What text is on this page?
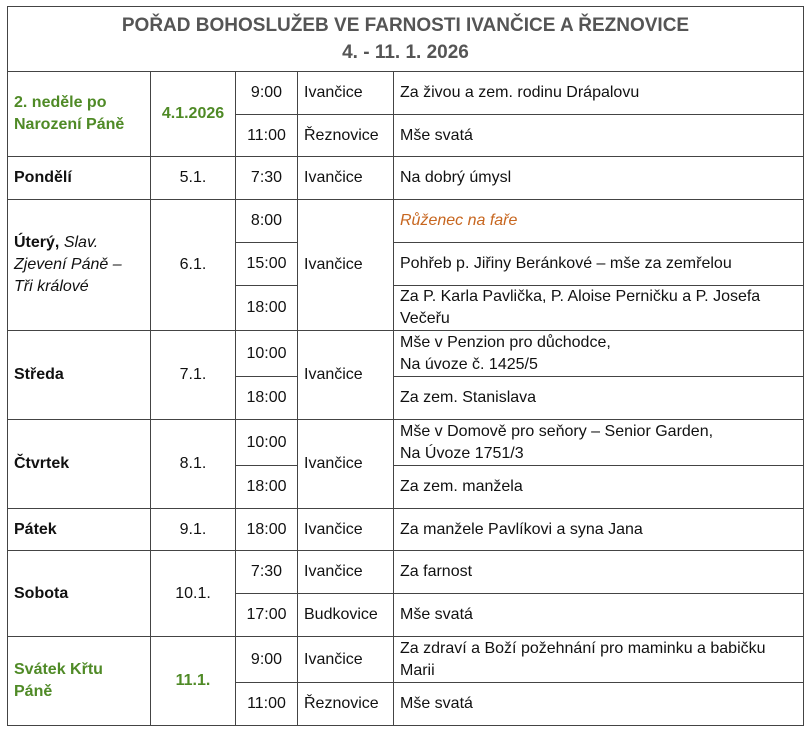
POŘAD BOHOSLUŽEB VE FARNOSTI IVANČICE A ŘEZNOVICE
4. - 11. 1. 2026				

2. neděle po Narození Páně	4.1.2026	9:00	Ivančice	Za živou a zem. rodinu Drápalovu
		11:00	Řeznovice	Mše svatá
Pondělí	5.1.	7:30	Ivančice	Na dobrý úmysl
Úterý, Slav. Zjevení Páně – Tři králové	6.1.	8:00	Ivančice	Růženec na faře
		15:00		Pohřeb p. Jiřiny Beránkové – mše za zemřelou
		18:00		Za P. Karla Pavlička, P. Aloise Perničku a P. Josefa Večeřu
Středa	7.1.	10:00	Ivančice	Mše v Penzion pro důchodce,
Na úvoze č. 1425/5

		18:00		Za zem. Stanislava
Čtvrtek	8.1.	10:00	Ivančice	Mše v Domově pro seňory – Senior Garden,
Na Úvoze 1751/3

		18:00		Za zem. manžela
Pátek	9.1.	18:00	Ivančice	Za manžele Pavlíkovi a syna Jana
Sobota	10.1.	7:30	Ivančice	Za farnost
		17:00	Budkovice	Mše svatá
Svátek Křtu Páně	11.1.	9:00	Ivančice	Za zdraví a Boží požehnání pro maminku a babičku Marii
		11:00	Řeznovice	Mše svatá
